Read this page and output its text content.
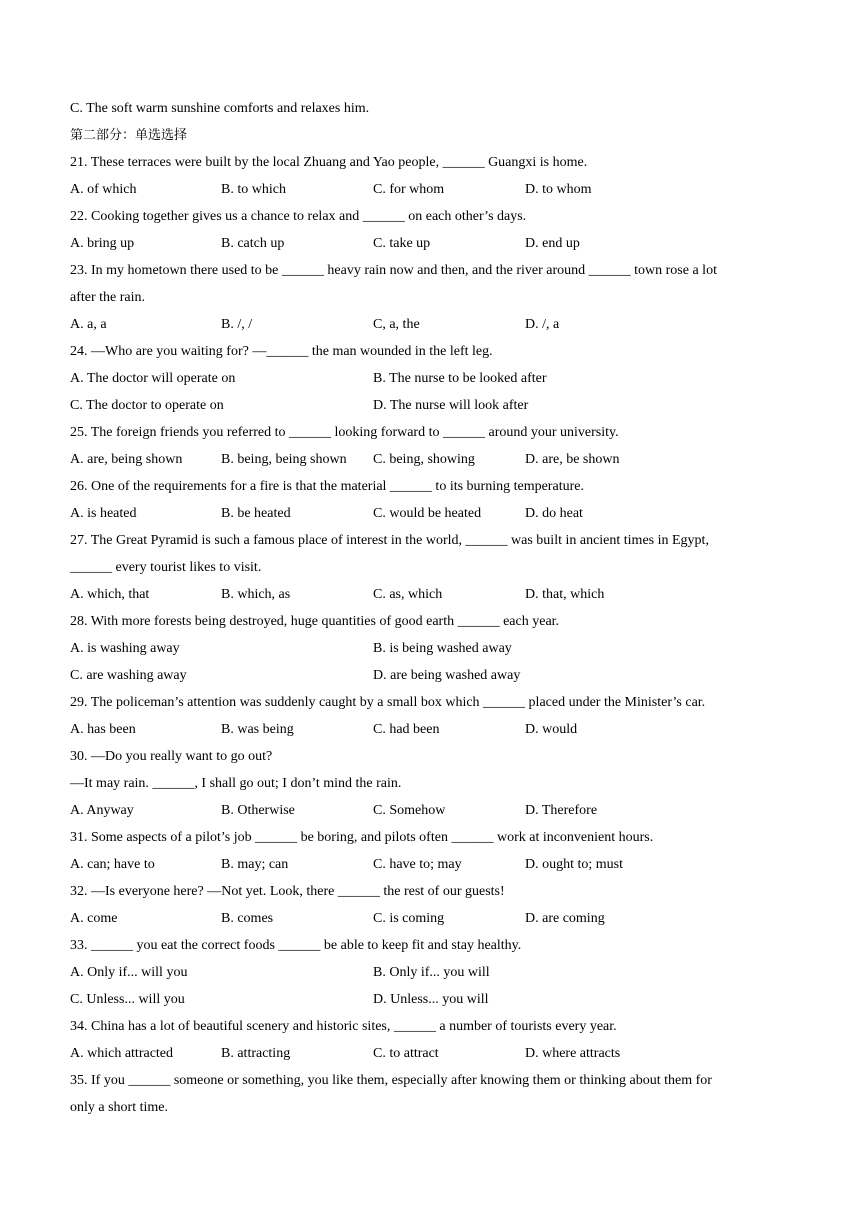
C. The soft warm sunshine comforts and relaxes him.
第二部分：单选选择
21. These terraces were built by the local Zhuang and Yao people, ______ Guangxi is home.
A. of which	B. to which	C. for whom	D. to whom
22. Cooking together gives us a chance to relax and ______ on each other’s days.
A. bring up	B. catch up	C. take up	D. end up
23. In my hometown there used to be ______ heavy rain now and then, and the river around ______ town rose a lot
after the rain.
A. a, a	B. /, /	C, a, the	D. /, a
24. —Who are you waiting for? —______ the man wounded in the left leg.
A. The doctor will operate on	B. The nurse to be looked after
C. The doctor to operate on	D. The nurse will look after
25. The foreign friends you referred to ______ looking forward to ______ around your university.
A. are, being shown	B. being, being shown C. being, showing	D. are, be shown
26. One of the requirements for a fire is that the material ______ to its burning temperature.
A. is heated	B. be heated	C. would be heated	D. do heat
27. The Great Pyramid is such a famous place of interest in the world, ______ was built in ancient times in Egypt,
______ every tourist likes to visit.
A. which, that	B. which, as	C. as, which	D. that, which
28. With more forests being destroyed, huge quantities of good earth ______ each year.
A. is washing away	B. is being washed away
C. are washing away	D. are being washed away
29. The policeman’s attention was suddenly caught by a small box which ______ placed under the Minister’s car.
A. has been	B. was being	C. had been	D. would
30. —Do you really want to go out?
—It may rain. ______, I shall go out; I don’t mind the rain.
A. Anyway	B. Otherwise	C. Somehow	D. Therefore
31. Some aspects of a pilot’s job ______ be boring, and pilots often ______ work at inconvenient hours.
A. can; have to	B. may; can	C. have to; may	D. ought to; must
32. —Is everyone here? —Not yet. Look, there ______ the rest of our guests!
A. come	B. comes	C. is coming	D. are coming
33. ______ you eat the correct foods ______ be able to keep fit and stay healthy.
A. Only if... will you	B. Only if... you will
C. Unless... will you	D. Unless... you will
34. China has a lot of beautiful scenery and historic sites, ______ a number of tourists every year.
A. which attracted	B. attracting	C. to attract	D. where attracts
35. If you ______ someone or something, you like them, especially after knowing them or thinking about them for
only a short time.
